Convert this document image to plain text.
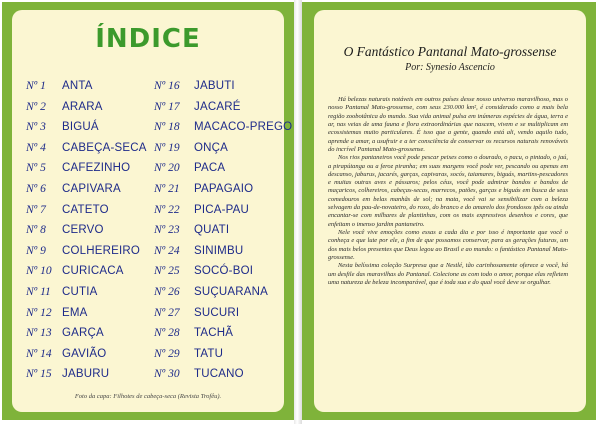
ÍNDICE
Nº 1 ANTA
Nº 2 ARARA
Nº 3 BIGUÁ
Nº 4 CABEÇA-SECA
Nº 5 CAFEZINHO
Nº 6 CAPIVARA
Nº 7 CATETO
Nº 8 CERVO
Nº 9 COLHEREIRO
Nº 10 CURICACA
Nº 11 CUTIA
Nº 12 EMA
Nº 13 GARÇA
Nº 14 GAVIÃO
Nº 15 JABURU
Nº 16 JABUTI
Nº 17 JACARÉ
Nº 18 MACACO-PREGO
Nº 19 ONÇA
Nº 20 PACA
Nº 21 PAPAGAIO
Nº 22 PICA-PAU
Nº 23 QUATI
Nº 24 SINIMBU
Nº 25 SOCÓ-BOI
Nº 26 SUÇUARANA
Nº 27 SUCURI
Nº 28 TACHÃ
Nº 29 TATU
Nº 30 TUCANO
Foto da capa: Filhotes de cabeça-seca (Revista Trofêu).
O Fantástico Pantanal Mato-grossense
Por: Synesio Ascencio

Há belezas naturais notáveis em outros países desse nosso universo maravilhoso, mas o nosso Pantanal Mato-grossense, com seus 230.000 km², é considerado como a mais bela região zoobotânica do mundo. Sua vida animal pulsa em inúmeras espécies de água, terra e ar, nas veias de uma fauna e flora extraordinárias que nascem, vivem e se multiplicam em ecossistemas muito particulares. É isso que a gente, quando está ali, vendo aquilo tudo, aprende a amar, a usufruir e a ter consciência de conservar os recursos naturais renováveis do incrível Pantanal Mato-grossense.

Nos rios pantaneiros você pode pescar peixes como o dourado, o pacu, o pintado, o jaú, a pirapútanga ou a feroz piranha; em suas margens você pode ver, pescando ou apenas em descanso, jaburus, jacarés, garças, capivaras, socós, taiamares, biguás, martins-pescadores e muitas outras aves e pássaros; pelos céus, você pode admirar bandos e bandos de maçaricos, colhereiros, cabeças-secas, marrecos, patões, garças e biguás em busca de seus comedouros em belas manhãs de sol; na mata, você vai se sensibilizar com a beleza selvagem da pau-de-novateiro, do roxo, do branco e do amarelo dos frondosos ipês ou ainda encantar-se com milhares de plantinhas, com os mais expressivos desenhos e cores, que enfeitam o imenso jardim pantaneiro.

Nele você vive emoções como essas a cada dia e por isso é importante que você o conheça e que lute por ele, a fim de que possamos conservar, para as gerações futuras, um dos mais belos presentes que Deus legou ao Brasil e ao mundo: o fantástico Pantanal Mato-grossense.

Nesta belíssima coleção Surpresa que a Nestlé, tão carinhosamente oferece a você, há um desfile das maravilhas do Pantanal. Colecione as com todo o amor, porque elas refletem uma natureza de beleza incomparável, que é toda sua e do qual você deve se orgulhar.
